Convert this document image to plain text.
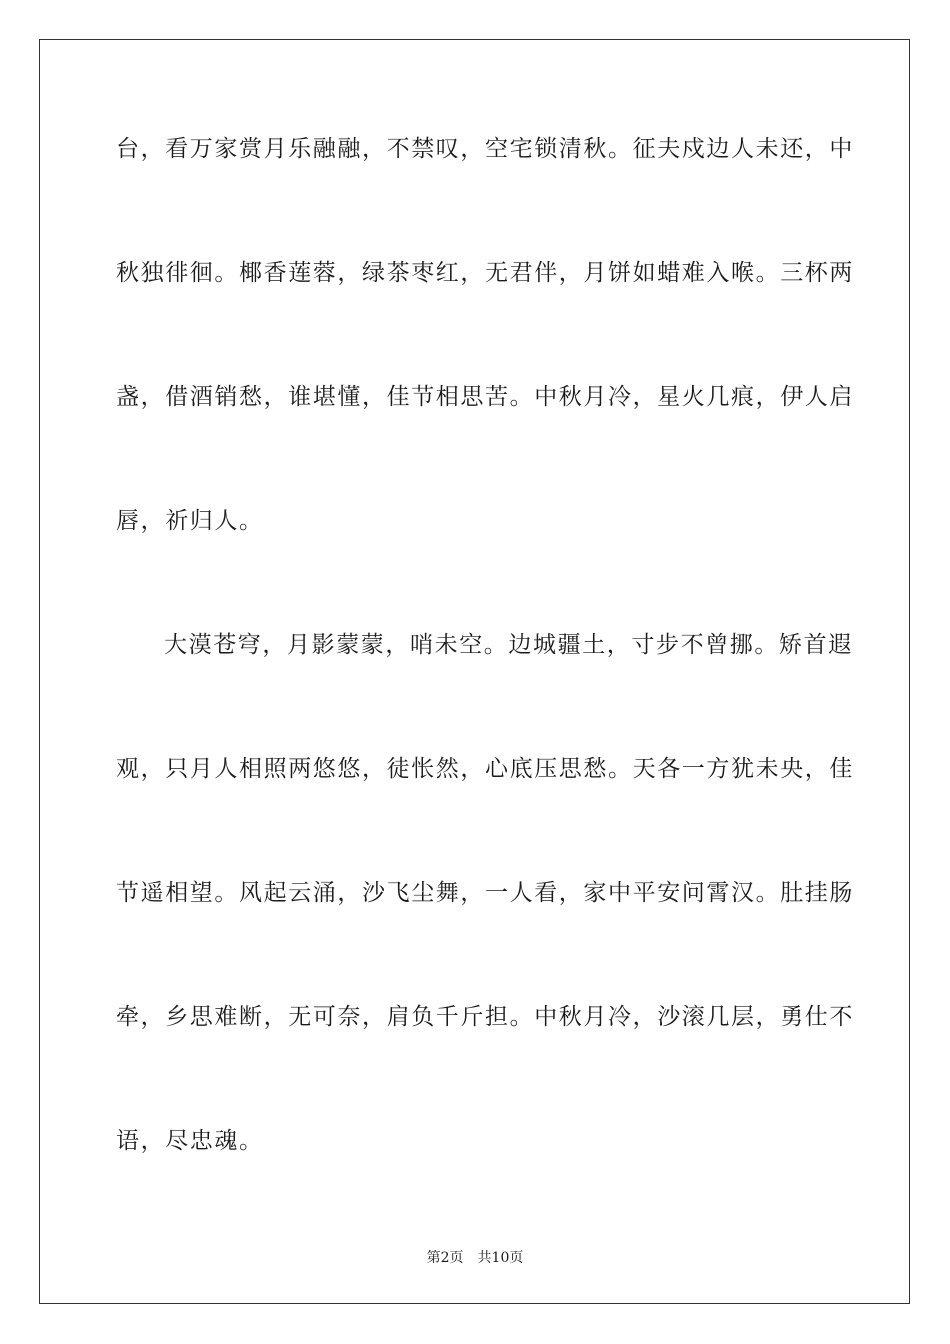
台，看万家赏月乐融融，不禁叹，空宅锁清秋。征夫戍边人未还，中
秋独徘徊。椰香莲蓉，绿茶枣红，无君伴，月饼如蜡难入喉。三杯两
盏，借酒销愁，谁堪懂，佳节相思苦。中秋月冷，星火几痕，伊人启
唇，祈归人。
大漠苍穹，月影蒙蒙，哨未空。边城疆土，寸步不曾挪。矫首遐
观，只月人相照两悠悠，徒怅然，心底压思愁。天各一方犹未央，佳
节遥相望。风起云涌，沙飞尘舞，一人看，家中平安问霄汉。肚挂肠
牵，乡思难断，无可奈，肩负千斤担。中秋月冷，沙滚几层，勇仕不
语，尽忠魂。
第2页 共10页
